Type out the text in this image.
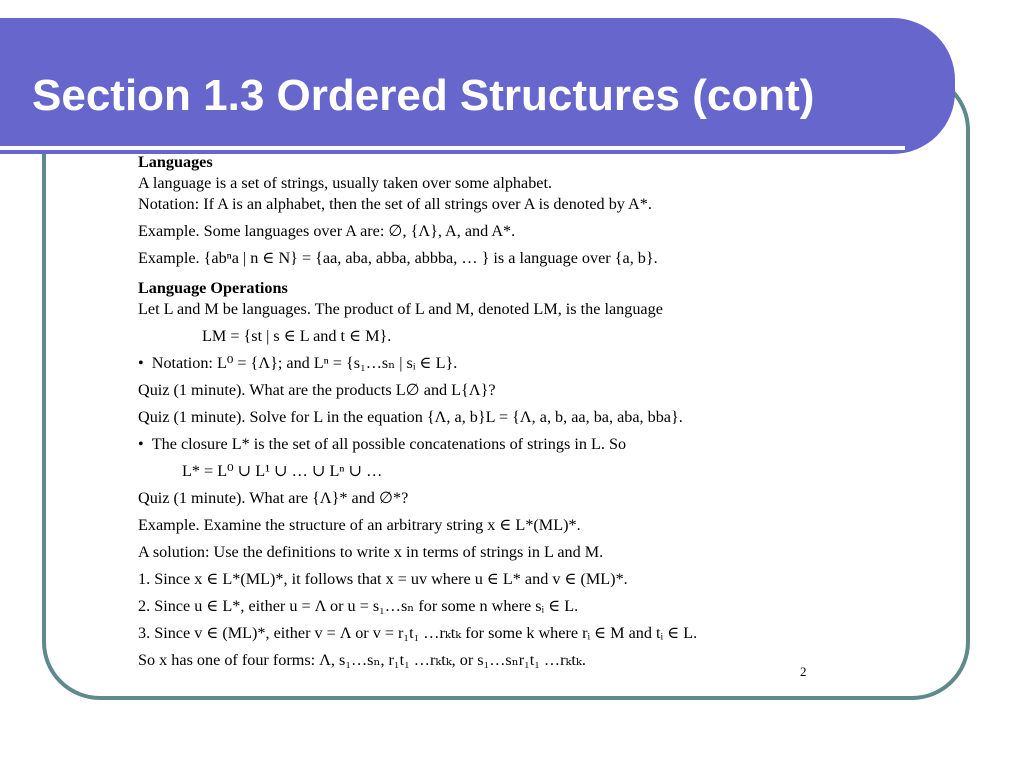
Section 1.3 Ordered Structures (cont)
Languages
A language is a set of strings, usually taken over some alphabet.
Notation: If A is an alphabet, then the set of all strings over A is denoted by A*.
Example. Some languages over A are: ∅, {Λ}, A, and A*.
Example. {abⁿa | n ∈ N} = {aa, aba, abba, abbba, … } is a language over {a, b}.
Language Operations
Let L and M be languages. The product of L and M, denoted LM, is the language
LM = {st | s ∈ L and t ∈ M}.
•  Notation: L⁰ = {Λ}; and Lⁿ = {s₁…sₙ | sᵢ ∈ L}.
Quiz (1 minute). What are the products L∅ and L{Λ}?
Quiz (1 minute). Solve for L in the equation {Λ, a, b}L = {Λ, a, b, aa, ba, aba, bba}.
•  The closure L* is the set of all possible concatenations of strings in L. So
L* = L⁰ ∪ L¹ ∪ … ∪ Lⁿ ∪ …
Quiz (1 minute). What are {Λ}* and ∅*?
Example. Examine the structure of an arbitrary string x ∈ L*(ML)*.
A solution: Use the definitions to write x in terms of strings in L and M.
1. Since x ∈ L*(ML)*, it follows that x = uv where u ∈ L* and v ∈ (ML)*.
2. Since u ∈ L*, either u = Λ or u = s₁…sₙ for some n where sᵢ ∈ L.
3. Since v ∈ (ML)*, either v = Λ or v = r₁t₁ …rₖtₖ for some k where rᵢ ∈ M and tᵢ ∈ L.
So x has one of four forms: Λ, s₁…sₙ, r₁t₁ …rₖtₖ, or s₁…sₙr₁t₁ …rₖtₖ.
2
